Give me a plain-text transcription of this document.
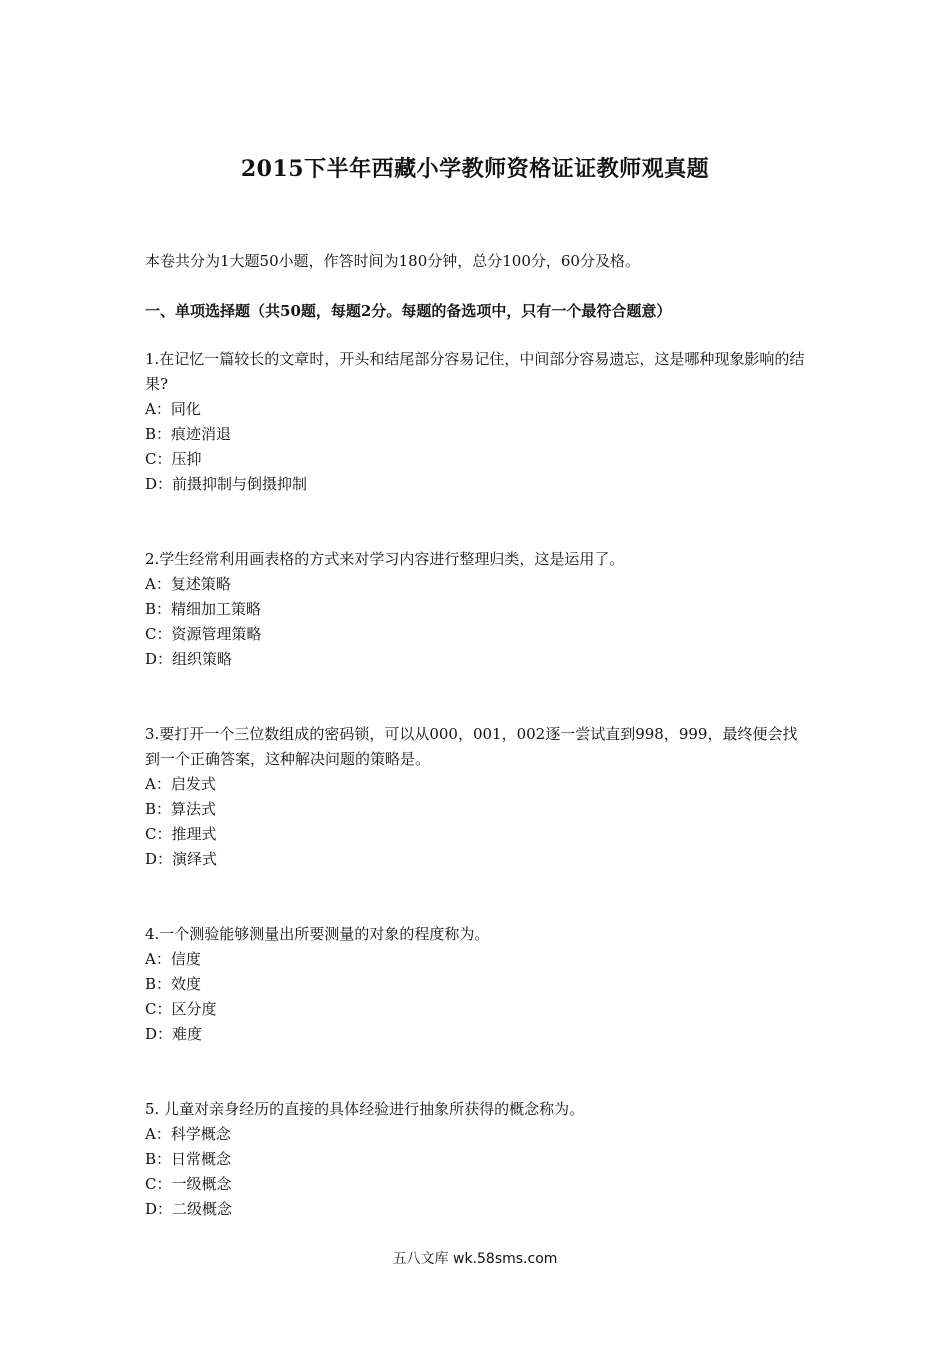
2015下半年西藏小学教师资格证证教师观真题
本卷共分为1大题50小题，作答时间为180分钟，总分100分，60分及格。
一、单项选择题（共50题，每题2分。每题的备选项中，只有一个最符合题意）

1.在记忆一篇较长的文章时，开头和结尾部分容易记住，中间部分容易遗忘，这是哪种现象影响的结果?

A：同化

B：痕迹消退

C：压抑

D：前摄抑制与倒摄抑制

2.学生经常利用画表格的方式来对学习内容进行整理归类，这是运用了。

A：复述策略

B：精细加工策略

C：资源管理策略

D：组织策略

3.要打开一个三位数组成的密码锁，可以从000，001，002逐一尝试直到998，999，最终便会找到一个正确答案，这种解决问题的策略是。

A：启发式

B：算法式

C：推理式

D：演绎式

4.一个测验能够测量出所要测量的对象的程度称为。

A：信度

B：效度

C：区分度

D：难度

5. 儿童对亲身经历的直接的具体经验进行抽象所获得的概念称为。

A：科学概念

B：日常概念

C：一级概念

D：二级概念

五八文库 wk.58sms.com
